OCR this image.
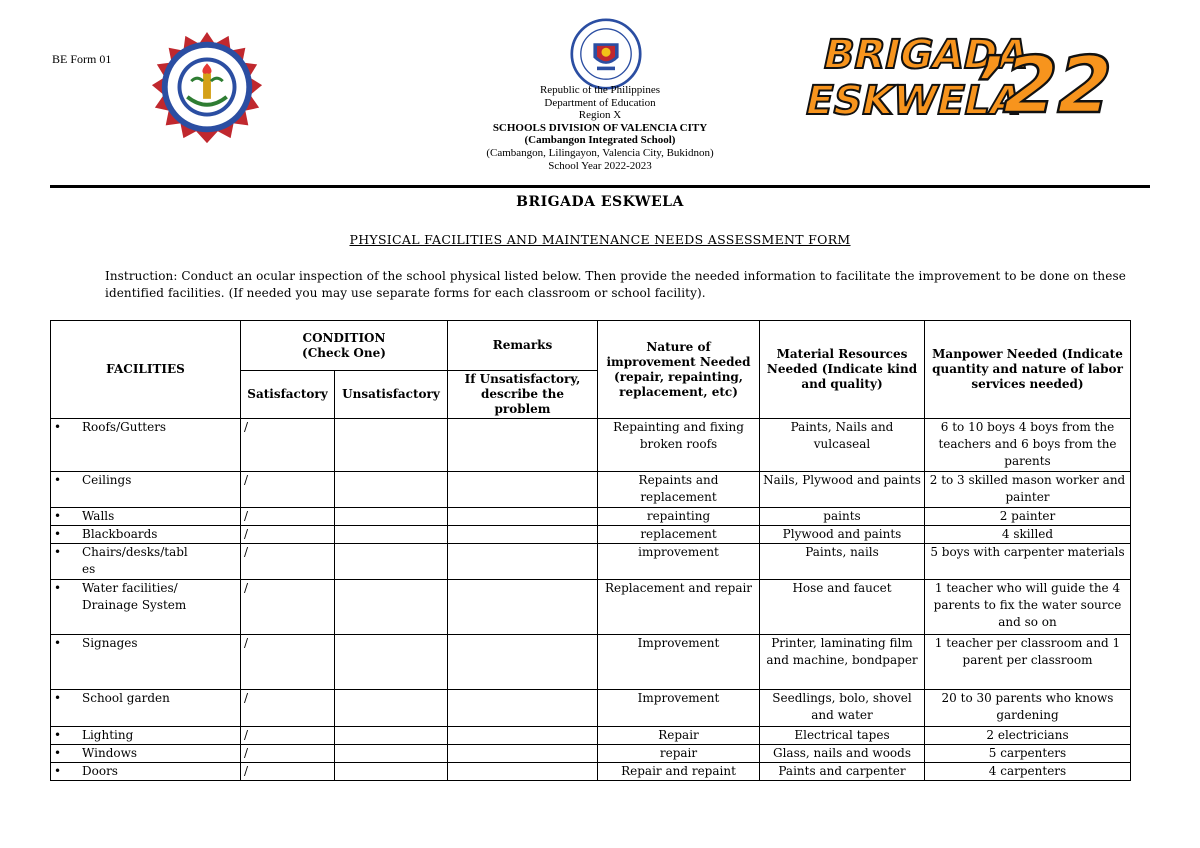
BE Form 01	BRIGADA
ESKWELA
’22
Republic of the Philippines
Department of Education
Region X
SCHOOLS DIVISION OF VALENCIA CITY
(Cambangon Integrated School)
(Cambangon, Lilingayon, Valencia City, Bukidnon)
School Year 2022-2023
BRIGADA ESKWELA
PHYSICAL FACILITIES AND MAINTENANCE NEEDS ASSESSMENT FORM
Instruction: Conduct an ocular inspection of the school physical listed below. Then provide the needed information to facilitate the improvement to be done on these identified facilities. (If needed you may use separate forms for each classroom or school facility).
FACILITIES	CONDITION (Check One)		Remarks	Nature of improvement Needed (repair, repainting, replacement, etc)	Material Resources Needed (Indicate kind and quality)	Manpower Needed (Indicate quantity and nature of labor services needed)
	Satisfactory	Unsatisfactory	If Unsatisfactory, describe the problem			
• Roofs/Gutters	/			Repainting and fixing broken roofs	Paints, Nails and vulcaseal	6 to 10 boys 4 boys from the teachers and 6 boys from the parents
• Ceilings	/			Repaints and replacement	Nails, Plywood and paints	2 to 3 skilled mason worker and painter
• Walls	/			repainting	paints	2 painter
• Blackboards	/			replacement	Plywood and paints	4 skilled
• Chairs/desks/tables	/			improvement	Paints, nails	5 boys with carpenter materials
• Water facilities/ Drainage System	/			Replacement and repair	Hose and faucet	1 teacher who will guide the 4 parents to fix the water source and so on
• Signages	/			Improvement	Printer, laminating film and machine, bondpaper	1 teacher per classroom and 1 parent per classroom
• School garden	/			Improvement	Seedlings, bolo, shovel and water	20 to 30 parents who knows gardening
• Lighting	/			Repair	Electrical tapes	2 electricians
• Windows	/			repair	Glass, nails and woods	5 carpenters
• Doors	/			Repair and repaint	Paints and carpenter	4 carpenters
